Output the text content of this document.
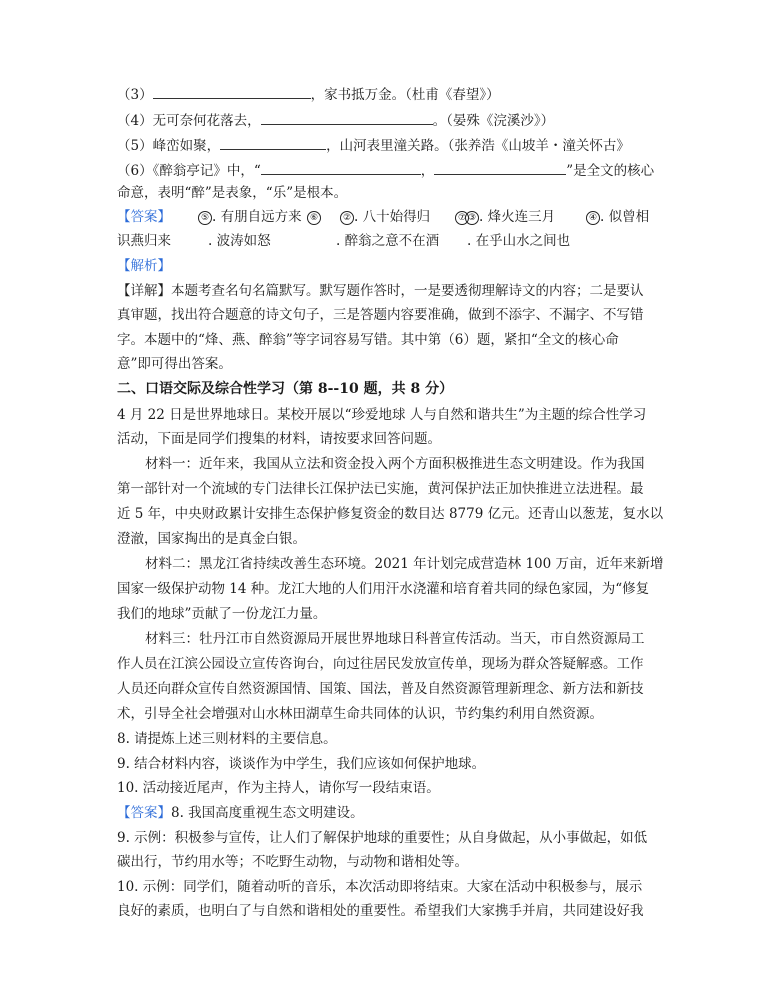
（3）	，家书抵万金。（杜甫《春望》）
（4）无可奈何花落去，	。（晏殊《浣溪沙》）
（5）峰峦如聚，	，山河表里潼关路。（张养浩《山坡羊・潼关怀古》
（6）《醉翁亭记》中，“	，	”是全文的核心
命意，表明“醉”是表象，“乐”是根本。
【答案】	⑤ . 有朋自远方来 ⑥	② . 八十始得归	⑦ ③ . 烽火连三月	④ . 似曾相
识燕归来	. 波涛如怒	. 醉翁之意不在酒 . 在乎山水之间也
【解析】
【详解】本题考查名句名篇默写。默写题作答时，一是要透彻理解诗文的内容；二是要认
真审题，找出符合题意的诗文句子，三是答题内容要准确，做到不添字、不漏字、不写错
字。本题中的“烽、燕、醉翁”等字词容易写错。其中第（6）题，紧扣“全文的核心命
意”即可得出答案。
二、口语交际及综合性学习（第 8--10 题，共 8 分）
4 月 22 日是世界地球日。某校开展以“珍爱地球 人与自然和谐共生”为主题的综合性学习
活动，下面是同学们搜集的材料，请按要求回答问题。
材料一：近年来，我国从立法和资金投入两个方面积极推进生态文明建设。作为我国
第一部针对一个流域的专门法律长江保护法已实施，黄河保护法正加快推进立法进程。最
近 5 年，中央财政累计安排生态保护修复资金的数目达 8779 亿元。还青山以葱茏，复水以
澄澈，国家掏出的是真金白银。
材料二：黑龙江省持续改善生态环境。2021 年计划完成营造林 100 万亩，近年来新增
国家一级保护动物 14 种。龙江大地的人们用汗水浇灌和培育着共同的绿色家园，为“修复
我们的地球”贡献了一份龙江力量。
材料三：牡丹江市自然资源局开展世界地球日科普宣传活动。当天，市自然资源局工
作人员在江滨公园设立宣传咨询台，向过往居民发放宣传单，现场为群众答疑解惑。工作
人员还向群众宣传自然资源国情、国策、国法，普及自然资源管理新理念、新方法和新技
术，引导全社会增强对山水林田湖草生命共同体的认识，节约集约利用自然资源。
8. 请提炼上述三则材料的主要信息。
9. 结合材料内容，谈谈作为中学生，我们应该如何保护地球。
10. 活动接近尾声，作为主持人，请你写一段结束语。
【答案】8. 我国高度重视生态文明建设。
9. 示例：积极参与宣传，让人们了解保护地球的重要性；从自身做起，从小事做起，如低
碳出行，节约用水等；不吃野生动物，与动物和谐相处等。
10. 示例：同学们，随着动听的音乐，本次活动即将结束。大家在活动中积极参与，展示
良好的素质，也明白了与自然和谐相处的重要性。希望我们大家携手并肩，共同建设好我
